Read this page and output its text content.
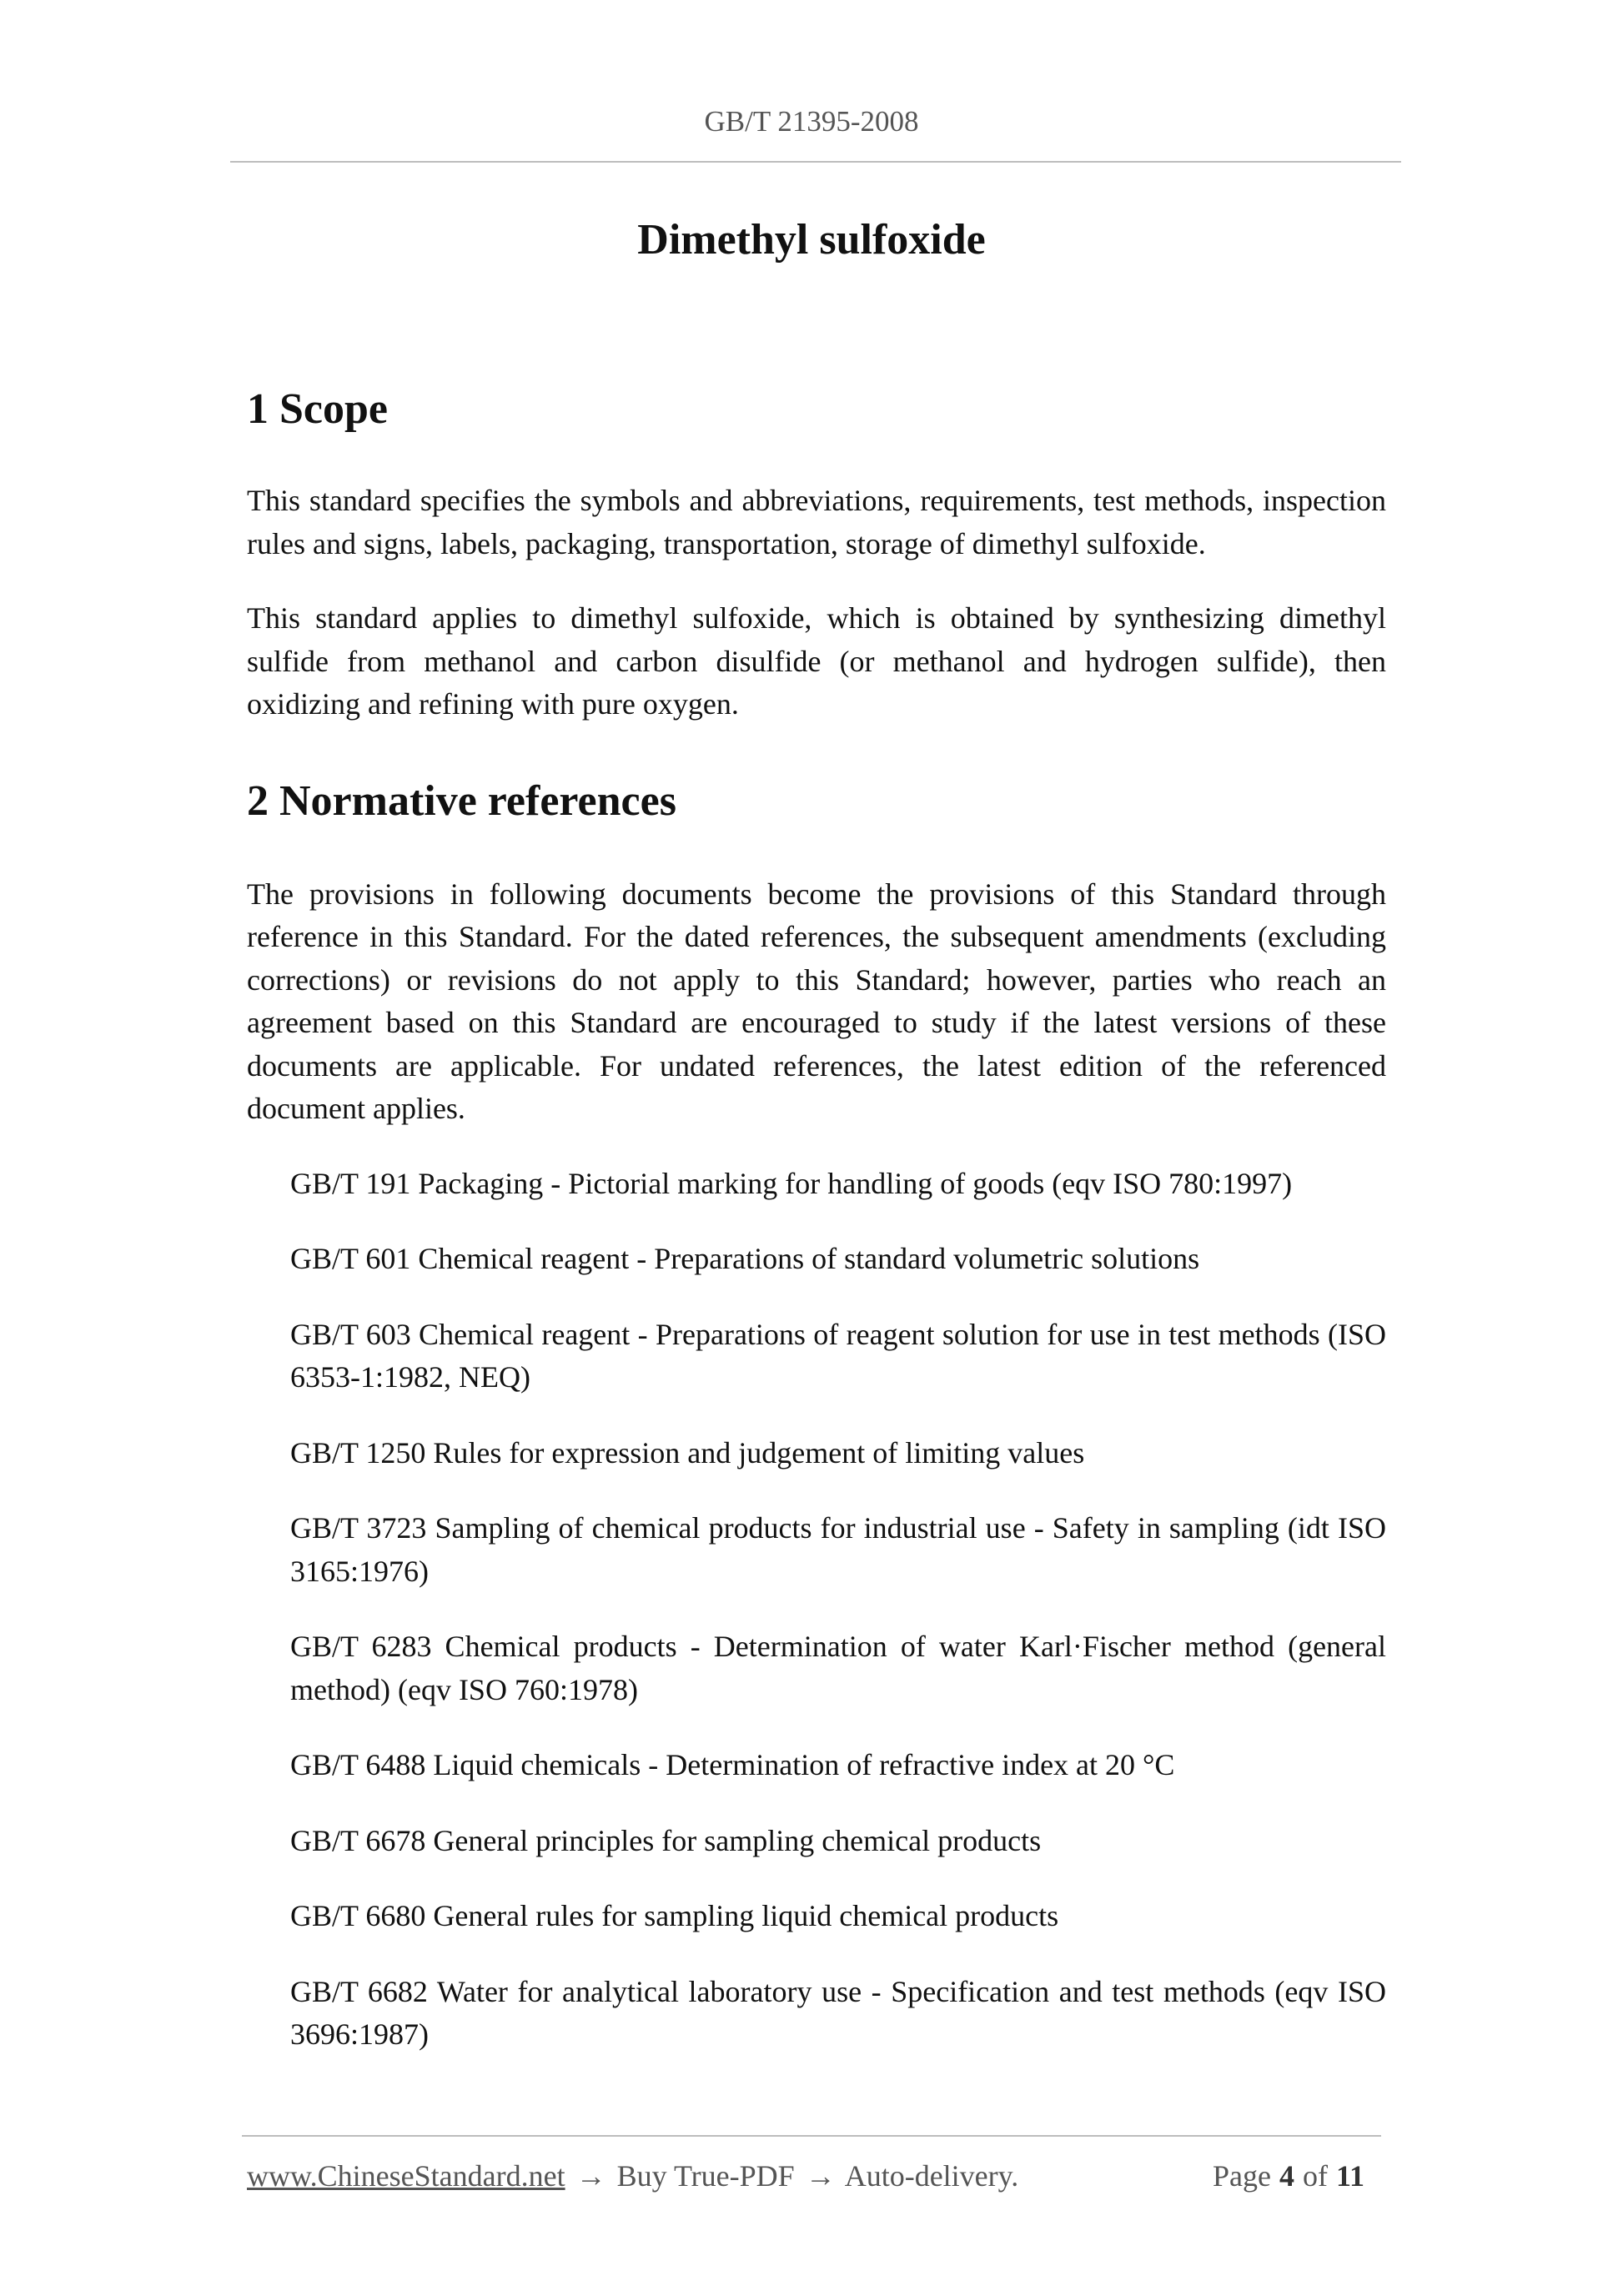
GB/T 21395-2008
Dimethyl sulfoxide
1 Scope

This standard specifies the symbols and abbreviations, requirements, test methods, inspection rules and signs, labels, packaging, transportation, storage of dimethyl sulfoxide.

This standard applies to dimethyl sulfoxide, which is obtained by synthesizing dimethyl sulfide from methanol and carbon disulfide (or methanol and hydrogen sulfide), then oxidizing and refining with pure oxygen.

2 Normative references

The provisions in following documents become the provisions of this Standard through reference in this Standard. For the dated references, the subsequent amendments (excluding corrections) or revisions do not apply to this Standard; however, parties who reach an agreement based on this Standard are encouraged to study if the latest versions of these documents are applicable. For undated references, the latest edition of the referenced document applies.

GB/T 191 Packaging - Pictorial marking for handling of goods (eqv ISO 780:1997)
GB/T 601 Chemical reagent - Preparations of standard volumetric solutions
GB/T 603 Chemical reagent - Preparations of reagent solution for use in test methods (ISO 6353-1:1982, NEQ)
GB/T 1250 Rules for expression and judgement of limiting values
GB/T 3723 Sampling of chemical products for industrial use - Safety in sampling (idt ISO 3165:1976)
GB/T 6283 Chemical products - Determination of water Karl·Fischer method (general method) (eqv ISO 760:1978)
GB/T 6488 Liquid chemicals - Determination of refractive index at 20 °C
GB/T 6678 General principles for sampling chemical products
GB/T 6680 General rules for sampling liquid chemical products
GB/T 6682 Water for analytical laboratory use - Specification and test methods (eqv ISO 3696:1987)
www.ChineseStandard.net → Buy True-PDF → Auto-delivery.	Page 4 of 11
